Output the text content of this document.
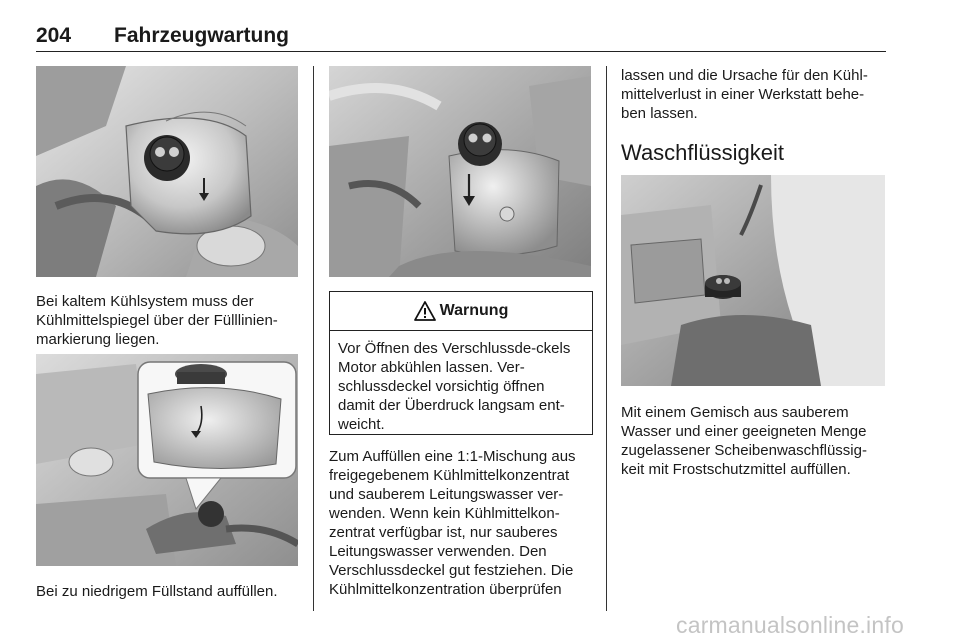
204 Fahrzeugwartung
Bei kaltem Kühlsystem muss der Kühlmittelspiegel über der Fülllinien-markierung liegen.
Bei zu niedrigem Füllstand auffüllen.
Warnung
Vor Öffnen des Verschlussde-ckels Motor abkühlen lassen. Ver-schlussdeckel vorsichtig öffnen damit der Überdruck langsam ent-weicht.
Zum Auffüllen eine 1:1-Mischung aus freigegebenem Kühlmittelkonzentrat und sauberem Leitungswasser ver-wenden. Wenn kein Kühlmittelkon-zentrat verfügbar ist, nur sauberes Leitungswasser verwenden. Den Verschlussdeckel gut festziehen. Die Kühlmittelkonzentration überprüfen
lassen und die Ursache für den Kühl-mittelverlust in einer Werkstatt behe-ben lassen.
Waschflüssigkeit
Mit einem Gemisch aus sauberem Wasser und einer geeigneten Menge zugelassener Scheibenwaschflüssig-keit mit Frostschutzmittel auffüllen.
carmanualsonline.info
